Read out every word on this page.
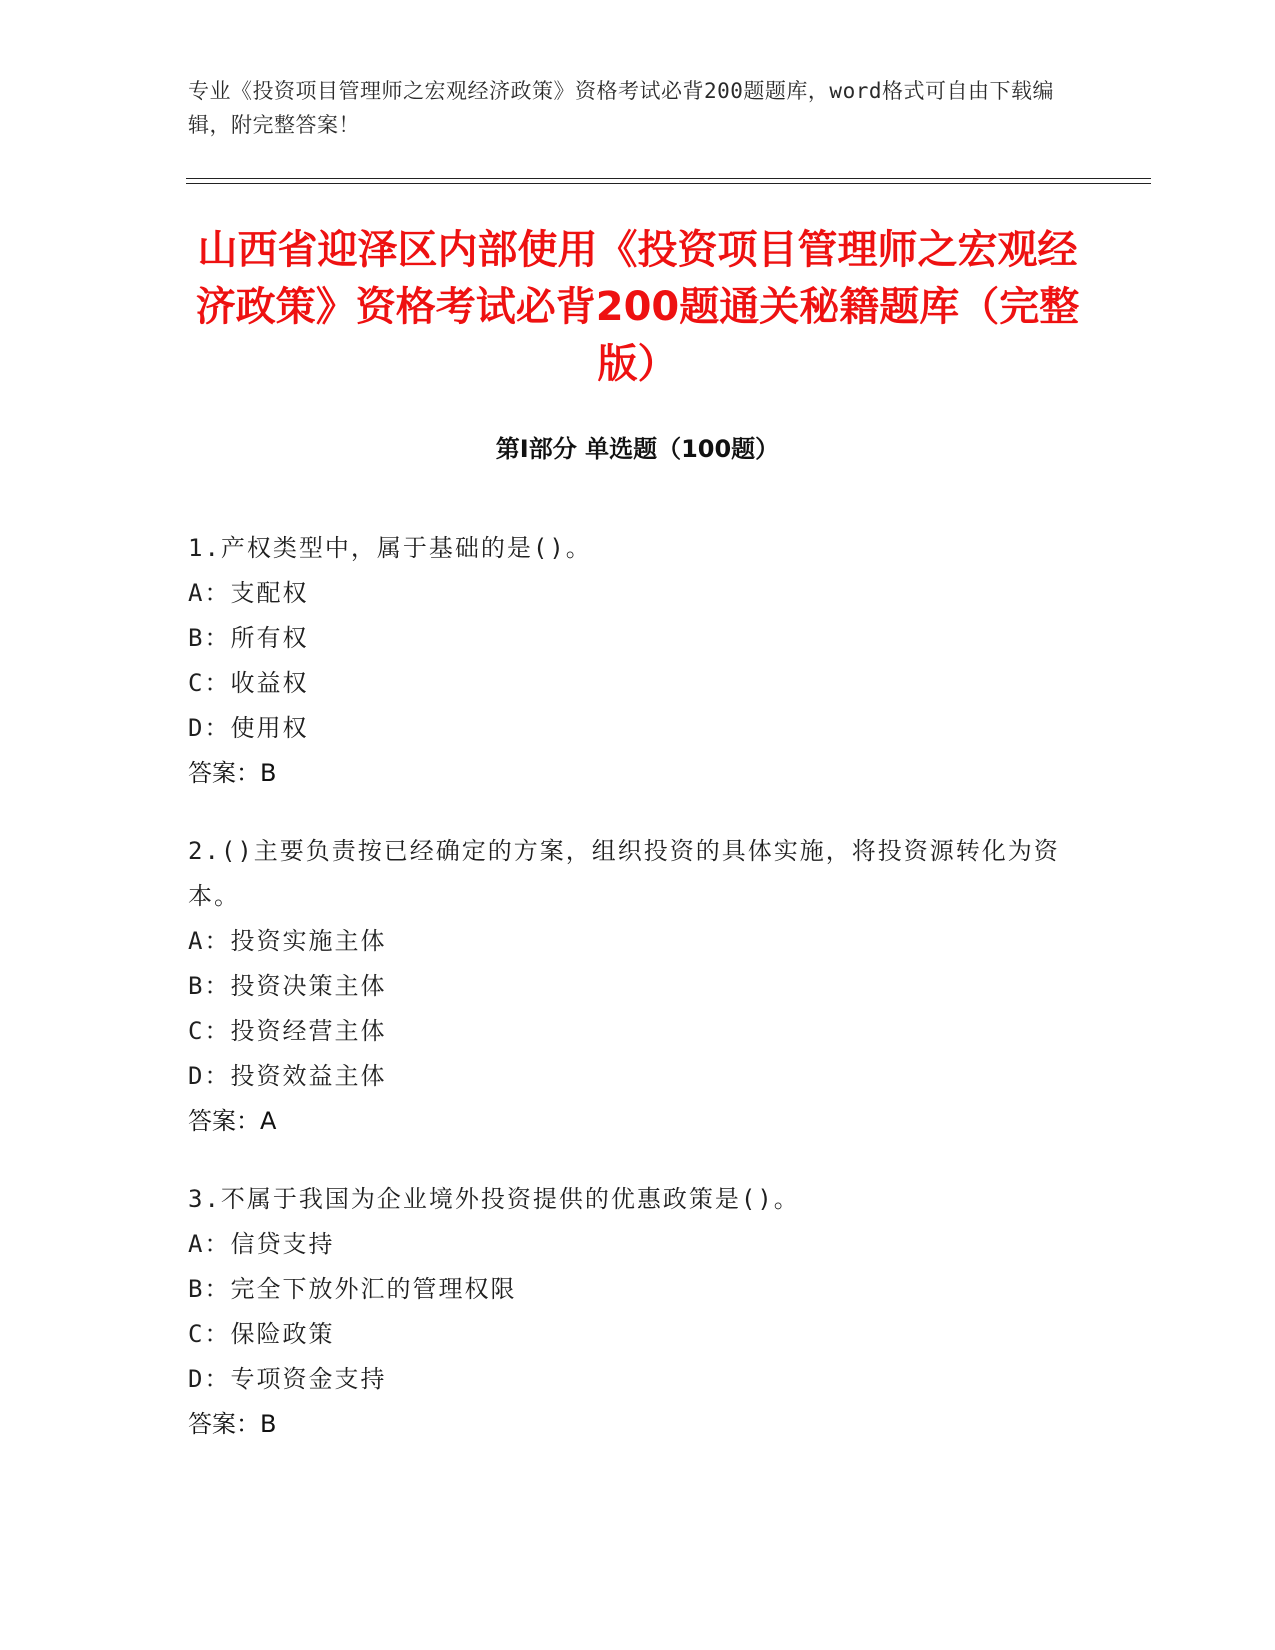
专业《投资项目管理师之宏观经济政策》资格考试必背200题题库，word格式可自由下载编辑，附完整答案！
山西省迎泽区内部使用《投资项目管理师之宏观经济政策》资格考试必背200题通关秘籍题库（完整版）
第Ⅰ部分 单选题（100题）
1.产权类型中，属于基础的是()。
A：支配权
B：所有权
C：收益权
D：使用权
答案：B
2.()主要负责按已经确定的方案，组织投资的具体实施，将投资源转化为资本。
A：投资实施主体
B：投资决策主体
C：投资经营主体
D：投资效益主体
答案：A
3.不属于我国为企业境外投资提供的优惠政策是()。
A：信贷支持
B：完全下放外汇的管理权限
C：保险政策
D：专项资金支持
答案：B
